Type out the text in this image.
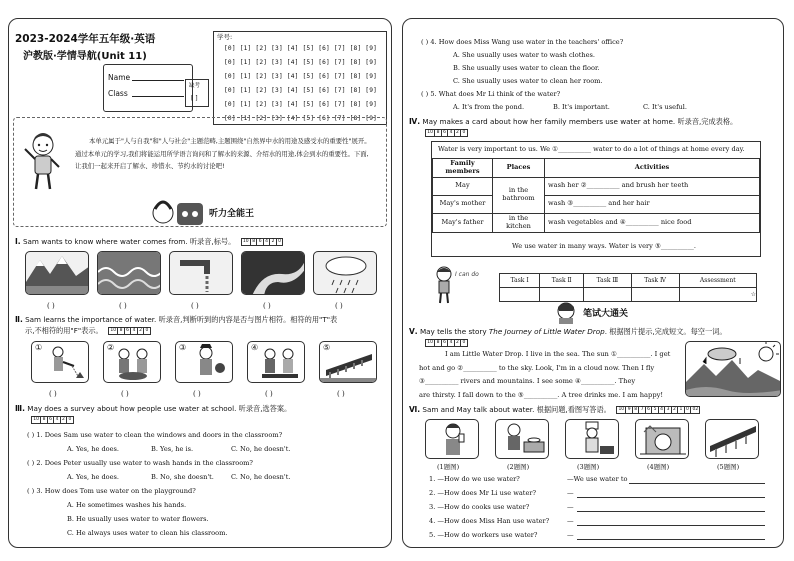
2023-2024学年五年级·英语
沪教版·学情导航(Unit 11)
Name
Class
学号:
[0] [1] [2] [3] [4] [5] [6] [7] [8] [9]
[0] [1] [2] [3] [4] [5] [6] [7] [8] [9]
[0] [1] [2] [3] [4] [5] [6] [7] [8] [9]
[0] [1] [2] [3] [4] [5] [6] [7] [8] [9]
[0] [1] [2] [3] [4] [5] [6] [7] [8] [9]
[0] [1] [2] [3] [4] [5] [6] [7] [8] [9]
缺考
[ ]
本单元属于"人与自我"和"人与社会"主题范畴,主题围绕"自然界中水的用途及感受水的重要性"展开。通过本单元的学习,我们将能运用所学语言询问和了解水的来源、介绍水的用途,体会到水的重要性。下面,让我们一起来开启了解水、珍惜水、节约水的讨论吧!
听力全能王
Ⅰ. Sam wants to know where water comes from. 听录音,标号。 10 8 6 4 2 0
( )	( )	( )	( )	( )
Ⅱ. Sam learns the importance of water. 听录音,判断听到的内容是否与图片相符。相符的用"T"表
示,不相符的用"F"表示。 10 8 6 4 2 0
①	②	③	④	⑤
( )	( )	( )	( )	( )
Ⅲ. May does a survey about how people use water at school. 听录音,选答案。
10 8 6 4 2 0
( ) 1. Does Sam use water to clean the windows and doors in the classroom?
A. Yes, he does.	B. Yes, he is.	C. No, he doesn't.
( ) 2. Does Peter usually use water to wash hands in the classroom?
A. Yes, he does.	B. No, she doesn't.	C. No, he doesn't.
( ) 3. How does Tom use water on the playground?
A. He sometimes washes his hands.
B. He usually uses water to water flowers.
C. He always uses water to clean his classroom.
( ) 4. How does Miss Wang use water in the teachers' office?
A. She usually uses water to wash clothes.
B. She usually uses water to clean the floor.
C. She usually uses water to clean her room.
( ) 5. What does Mr Li think of the water?
A. It's from the pond.	B. It's important.	C. It's useful.
Ⅳ. May makes a card about how her family members use water at home. 听录音,完成表格。
10 8 6 4 2 0
Water is very important to us. We ①__________ water to do a lot of things at home every day.
Family members	Places	Activities
May	in the bathroom	wash her ②__________ and brush her teeth
May's mother		wash ③__________ and her hair
May's father	in the kitchen	wash vegetables and ④__________ nice food
We use water in many ways. Water is very ⑤__________.
I can do
Task Ⅰ	Task Ⅱ	Task Ⅲ	Task Ⅳ	Assessment
				☆
笔试大通关
Ⅴ. May tells the story The Journey of Little Water Drop. 根据图片提示,完成短文。每空一词。
10 8 6 4 2 0
I am Little Water Drop. I live in the sea. The sun ①__________. I get
hot and go ②__________ to the sky. Look, I'm in a cloud now. Then I fly
③__________ rivers and mountains. I see some ④__________. They
are thirsty. I fall down to the ⑤__________. A tree drinks me. I am happy!
Ⅵ. Sam and May talk about water. 根据问题,看图写答语。 10 9 8 7 6 5 4 3 2 1 0 02
(1题图)	(2题图)	(3题图)	(4题图)	(5题图)
1. —How do we use water?	—We use water to
2. —How does Mr Li use water?	—
3. —How do cooks use water?	—
4. —How does Miss Han use water?	—
5. —How do workers use water?	—
